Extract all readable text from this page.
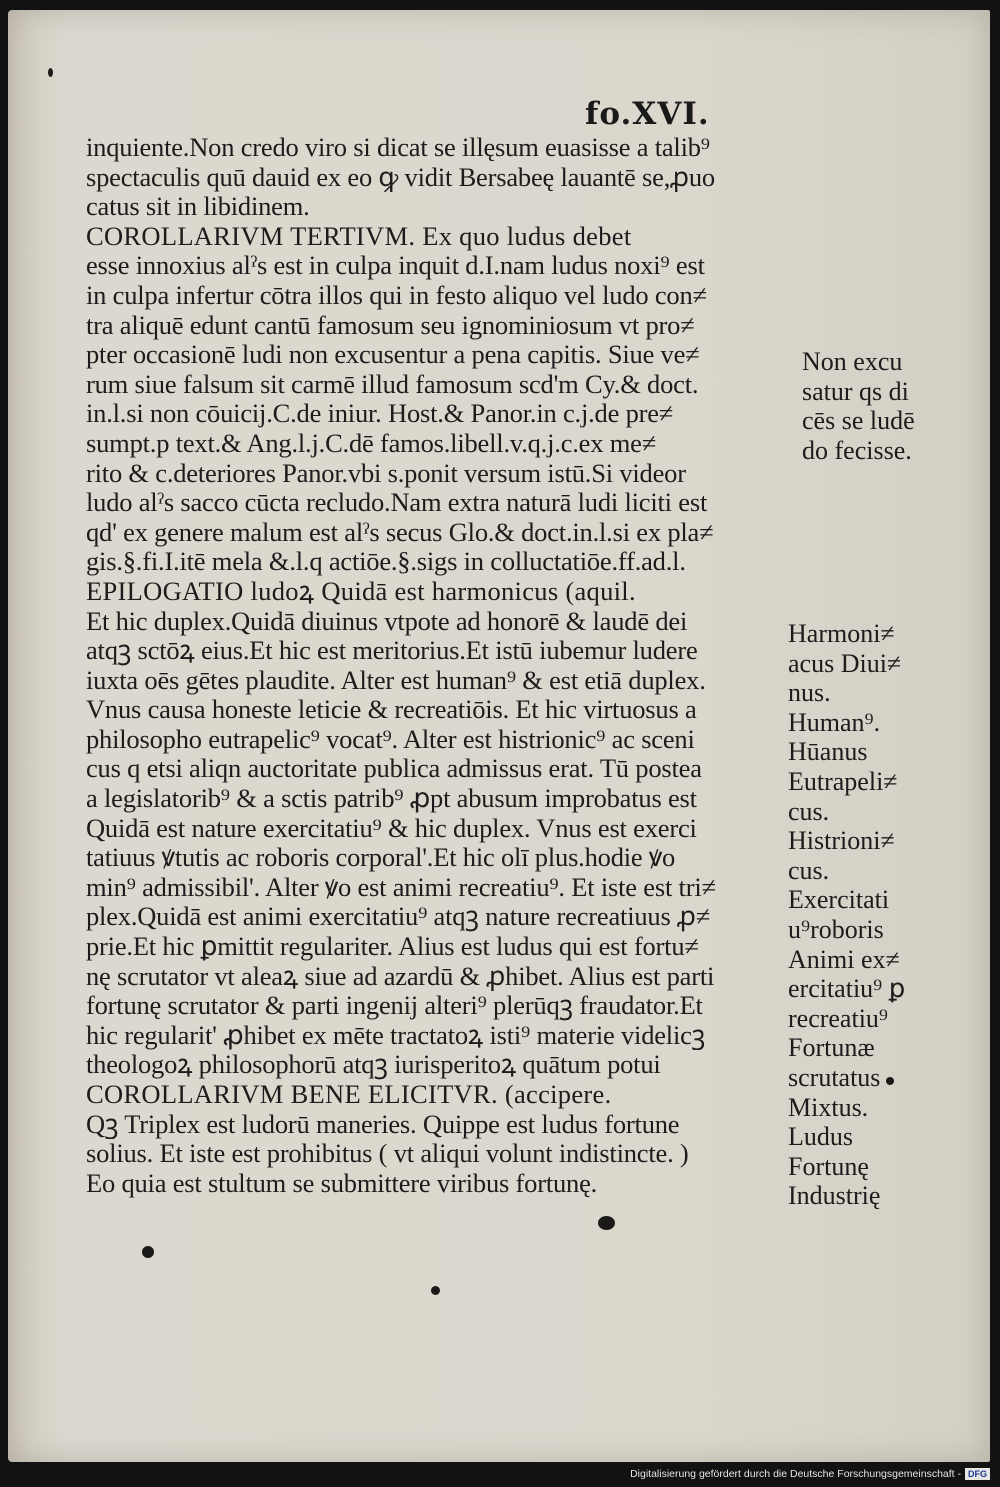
fo.XVI.
inquiente.Non credo viro si dicat se illęsum euasisse a talib⁹
spectaculis quū dauid ex eo ꝙ vidit Bersabeę lauantē se,ꝓuo
catus sit in libidinem.
COROLLARIVM TERTIVM. Ex quo ludus debet
esse innoxius alˀs est in culpa inquit d.I.nam ludus noxi⁹ est
in culpa infertur cōtra illos qui in festo aliquo vel ludo con≠
tra aliquē edunt cantū famosum seu ignominiosum vt pro≠
pter occasionē ludi non excusentur a pena capitis. Siue ve≠
rum siue falsum sit carmē illud famosum scd'm Cy.& doct.
in.l.si non cōuicij.C.de iniur. Host.& Panor.in c.j.de pre≠
sumpt.p text.& Ang.l.j.C.dē famos.libell.v.q.j.c.ex me≠
rito & c.deteriores Panor.vbi s.ponit versum istū.Si videor
ludo alˀs sacco cūcta recludo.Nam extra naturā ludi liciti est
qd' ex genere malum est alˀs secus Glo.& doct.in.l.si ex pla≠
gis.§.fi.I.itē mela &.l.q actiōe.§.sigs in colluctatiōe.ff.ad.l.
EPILOGATIO ludoꝝ Quidā est harmonicus (aquil.
Et hic duplex.Quidā diuinus vtpote ad honorē & laudē dei
atqꝫ sctōꝝ eius.Et hic est meritorius.Et istū iubemur ludere
iuxta oēs gētes plaudite. Alter est human⁹ & est etiā duplex.
Vnus causa honeste leticie & recreatiōis. Et hic virtuosus a
philosopho eutrapelic⁹ vocat⁹. Alter est histrionic⁹ ac sceni
cus q etsi aliqn auctoritate publica admissus erat. Tū postea
a legislatorib⁹ & a sctis patrib⁹ ꝓpt abusum improbatus est
Quidā est nature exercitatiu⁹ & hic duplex. Vnus est exerci
tatiuus ꝟtutis ac roboris corporal'.Et hic olī plus.hodie ꝟo
min⁹ admissibil'. Alter ꝟo est animi recreatiu⁹. Et iste est tri≠
plex.Quidā est animi exercitatiu⁹ atqꝫ nature recreatiuus ꝓ≠
prie.Et hic ꝑmittit regulariter. Alius est ludus qui est fortu≠
nę scrutator vt aleaꝝ siue ad azardū & ꝓhibet. Alius est parti
fortunę scrutator & parti ingenij alteri⁹ plerūqꝫ fraudator.Et
hic regularit' ꝓhibet ex mēte tractatoꝝ isti⁹ materie videlicꝫ
theologoꝝ philosophorū atqꝫ iurisperitoꝝ quātum potui
COROLLARIVM BENE ELICITVR. (accipere.
Qꝫ Triplex est ludorū maneries. Quippe est ludus fortune
solius. Et iste est prohibitus ( vt aliqui volunt indistincte. )
Eo quia est stultum se submittere viribus fortunę.
Non excu
satur qs di
cēs se ludē
do fecisse.
Harmoni≠
acus Diui≠
nus.
Human⁹.
Hūanus
Eutrapeli≠
cus.
Histrioni≠
cus.
Exercitati
u⁹roboris
Animi ex≠
ercitatiu⁹ ꝑ
recreatiu⁹
Fortunæ
scrutatus
Mixtus.
Ludus
Fortunę
Industrię
Digitalisierung gefördert durch die Deutsche Forschungsgemeinschaft - DFG
